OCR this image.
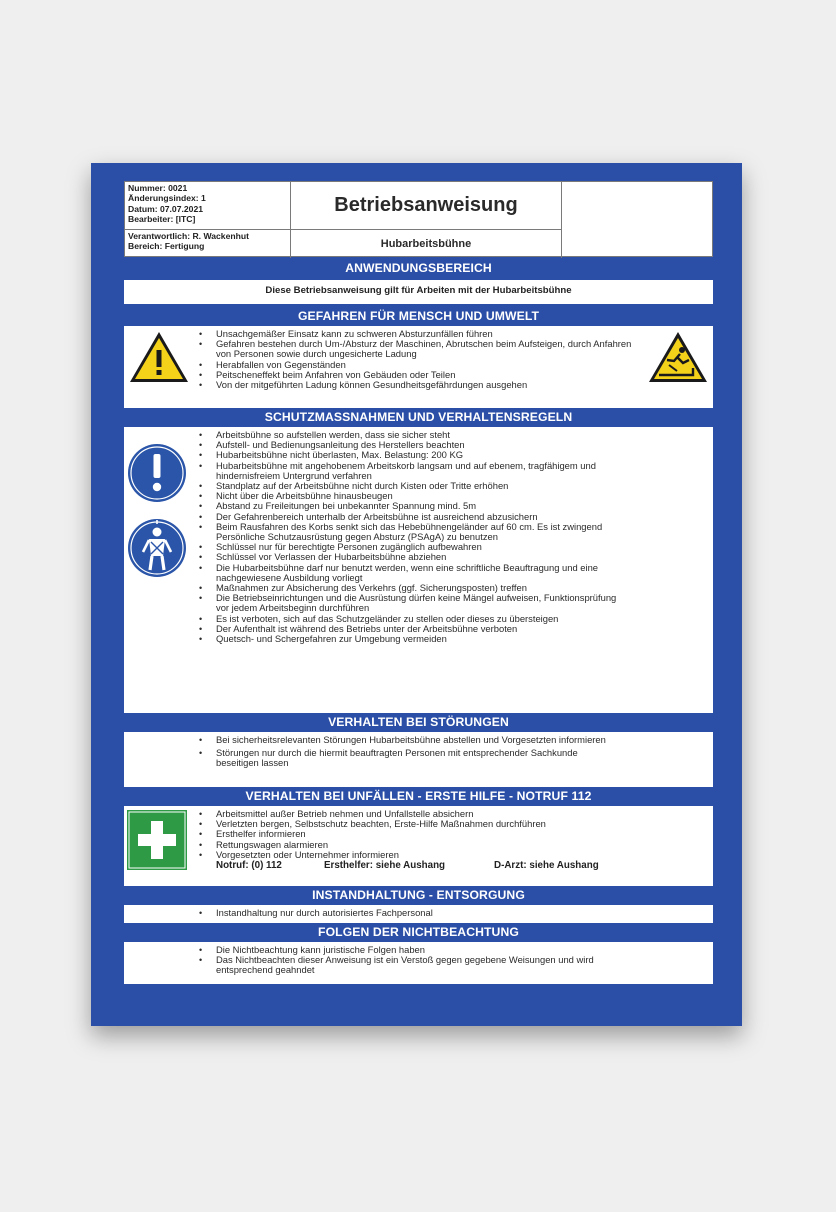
Nummer: 0021
Änderungsindex: 1
Datum: 07.07.2021
Bearbeiter: [ITC]
Verantwortlich: R. Wackenhut
Bereich: Fertigung
Betriebsanweisung
Hubarbeitsbühne
ANWENDUNGSBEREICH
Diese Betriebsanweisung gilt für Arbeiten mit der Hubarbeitsbühne
GEFAHREN FÜR MENSCH UND UMWELT
• Unsachgemäßer Einsatz kann zu schweren Absturzunfällen führen
• Gefahren bestehen durch Um-/Absturz der Maschinen, Abrutschen beim Aufsteigen, durch Anfahren von Personen sowie durch ungesicherte Ladung
• Herabfallen von Gegenständen
• Peitscheneffekt beim Anfahren von Gebäuden oder Teilen
• Von der mitgeführten Ladung können Gesundheitsgefährdungen ausgehen
SCHUTZMASSNAHMEN UND VERHALTENSREGELN
• Arbeitsbühne so aufstellen werden, dass sie sicher steht
• Aufstell- und Bedienungsanleitung des Herstellers beachten
• Hubarbeitsbühne nicht überlasten, Max. Belastung: 200 KG
• Hubarbeitsbühne mit angehobenem Arbeitskorb langsam und auf ebenem, tragfähigem und hindernisfreiem Untergrund verfahren
• Standplatz auf der Arbeitsbühne nicht durch Kisten oder Tritte erhöhen
• Nicht über die Arbeitsbühne hinausbeugen
• Abstand zu Freileitungen bei unbekannter Spannung mind. 5m
• Der Gefahrenbereich unterhalb der Arbeitsbühne ist ausreichend abzusichern
• Beim Rausfahren des Korbs senkt sich das Hebebühnengeländer auf 60 cm. Es ist zwingend Persönliche Schutzausrüstung gegen Absturz (PSAgA) zu benutzen
• Schlüssel nur für berechtigte Personen zugänglich aufbewahren
• Schlüssel vor Verlassen der Hubarbeitsbühne abziehen
• Die Hubarbeitsbühne darf nur benutzt werden, wenn eine schriftliche Beauftragung und eine nachgewiesene Ausbildung vorliegt
• Maßnahmen zur Absicherung des Verkehrs (ggf. Sicherungsposten) treffen
• Die Betriebseinrichtungen und die Ausrüstung dürfen keine Mängel aufweisen, Funktionsprüfung vor jedem Arbeitsbeginn durchführen
• Es ist verboten, sich auf das Schutzgeländer zu stellen oder dieses zu übersteigen
• Der Aufenthalt ist während des Betriebs unter der Arbeitsbühne verboten
• Quetsch- und Schergefahren zur Umgebung vermeiden
VERHALTEN BEI STÖRUNGEN
• Bei sicherheitsrelevanten Störungen Hubarbeitsbühne abstellen und Vorgesetzten informieren
• Störungen nur durch die hiermit beauftragten Personen mit entsprechender Sachkunde beseitigen lassen
VERHALTEN BEI UNFÄLLEN - ERSTE HILFE - NOTRUF 112
• Arbeitsmittel außer Betrieb nehmen und Unfallstelle absichern
• Verletzten bergen, Selbstschutz beachten, Erste-Hilfe Maßnahmen durchführen
• Ersthelfer informieren
• Rettungswagen alarmieren
• Vorgesetzten oder Unternehmer informieren
Notruf: (0) 112	Ersthelfer: siehe Aushang	D-Arzt: siehe Aushang
INSTANDHALTUNG - ENTSORGUNG
• Instandhaltung nur durch autorisiertes Fachpersonal
FOLGEN DER NICHTBEACHTUNG
• Die Nichtbeachtung kann juristische Folgen haben
• Das Nichtbeachten dieser Anweisung ist ein Verstoß gegen gegebene Weisungen und wird entsprechend geahndet
